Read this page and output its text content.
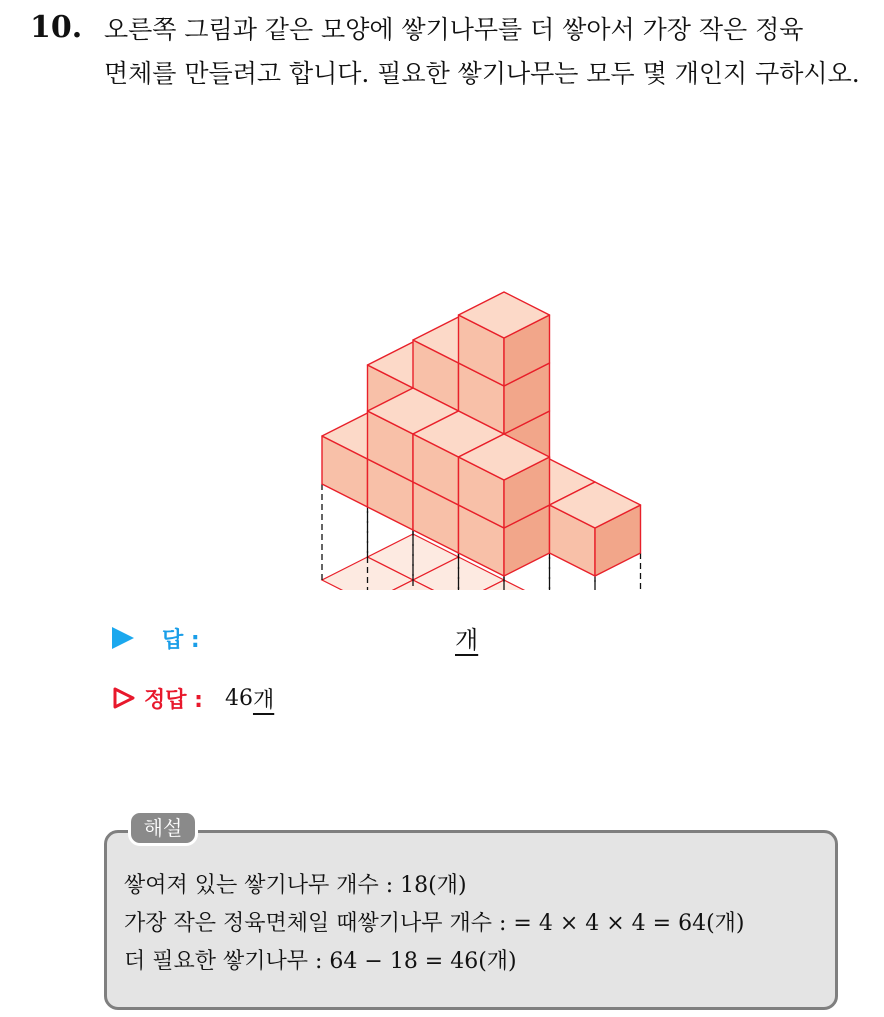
10. 오른쪽 그림과 같은 모양에 쌓기나무를 더 쌓아서 가장 작은 정육
면체를 만들려고 합니다. 필요한 쌓기나무는 모두 몇 개인지 구하시오.
답 :	개
정답 : 46 개
해설
쌓여져 있는 쌓기나무 개수 : 18(개)
가장 작은 정육면체일 때쌓기나무 개수 : = 4 × 4 × 4 = 64(개)
더 필요한 쌓기나무 : 64 − 18 = 46(개)
